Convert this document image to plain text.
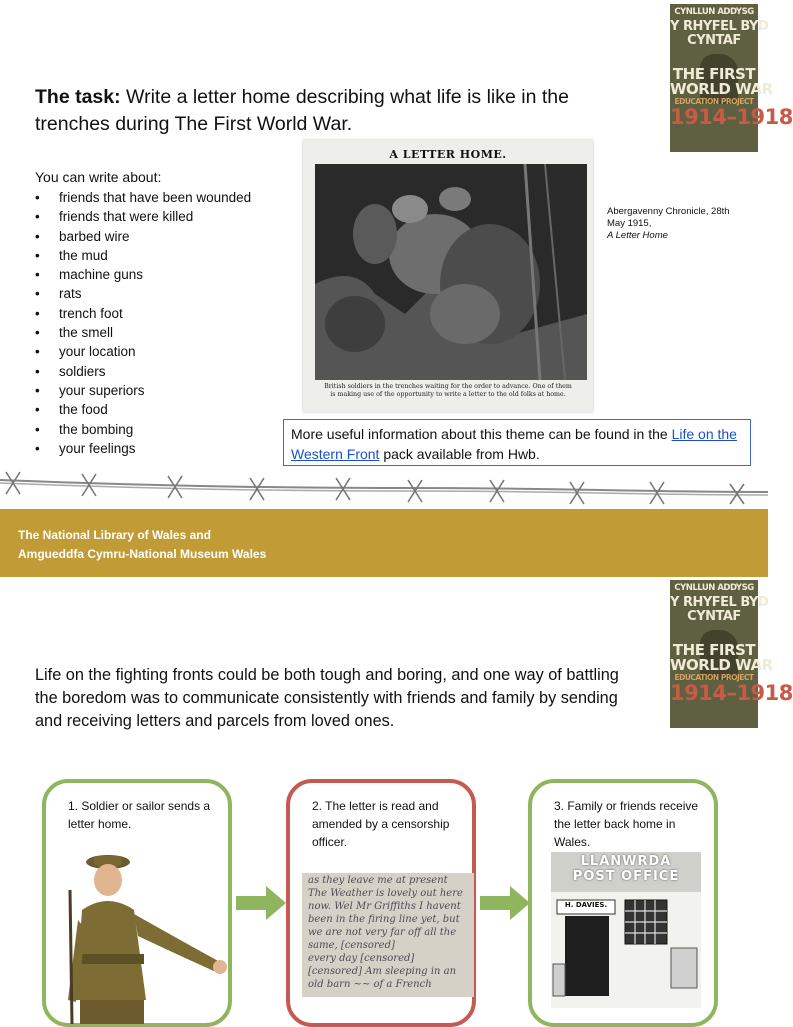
CYNLLUN ADDYSG
Y RHYFEL BYD
CYNTAF
THE FIRST
WORLD WAR
EDUCATION PROJECT
1914–1918
The task: Write a letter home describing what life is like in the trenches during The First World War.
You can write about:
• friends that have been wounded
• friends that were killed
• barbed wire
• the mud
• machine guns
• rats
• trench foot
• the smell
• your location
• soldiers
• your superiors
• the food
• the bombing
• your feelings
A LETTER HOME.
British soldiers in the trenches waiting for the order to advance. One of them
is making use of the opportunity to write a letter to the old folks at home.
Abergavenny Chronicle, 28th May 1915,
A Letter Home
More useful information about this theme can be found in the Life on the Western Front pack available from Hwb.
The National Library of Wales and
Amgueddfa Cymru-National Museum Wales
CYNLLUN ADDYSG
Y RHYFEL BYD
CYNTAF
THE FIRST
WORLD WAR
EDUCATION PROJECT
1914–1918
Life on the fighting fronts could be both tough and boring, and one way of battling the boredom was to communicate consistently with friends and family by sending and receiving letters and parcels from loved ones.
1. Soldier or sailor sends a letter home.
2. The letter is read and amended by a censorship officer.
as they leave me at present
The Weather is lovely out here
now. Wel Mr Griffiths I havent
been in the firing line yet, but
we are not very far off all the
same, [censored]
every day [censored]
[censored] Am sleeping in an
old barn ~~ of a French
3. Family or friends receive the letter back home in Wales.
LLANWRDA
POST OFFICE
H. DAVIES.
